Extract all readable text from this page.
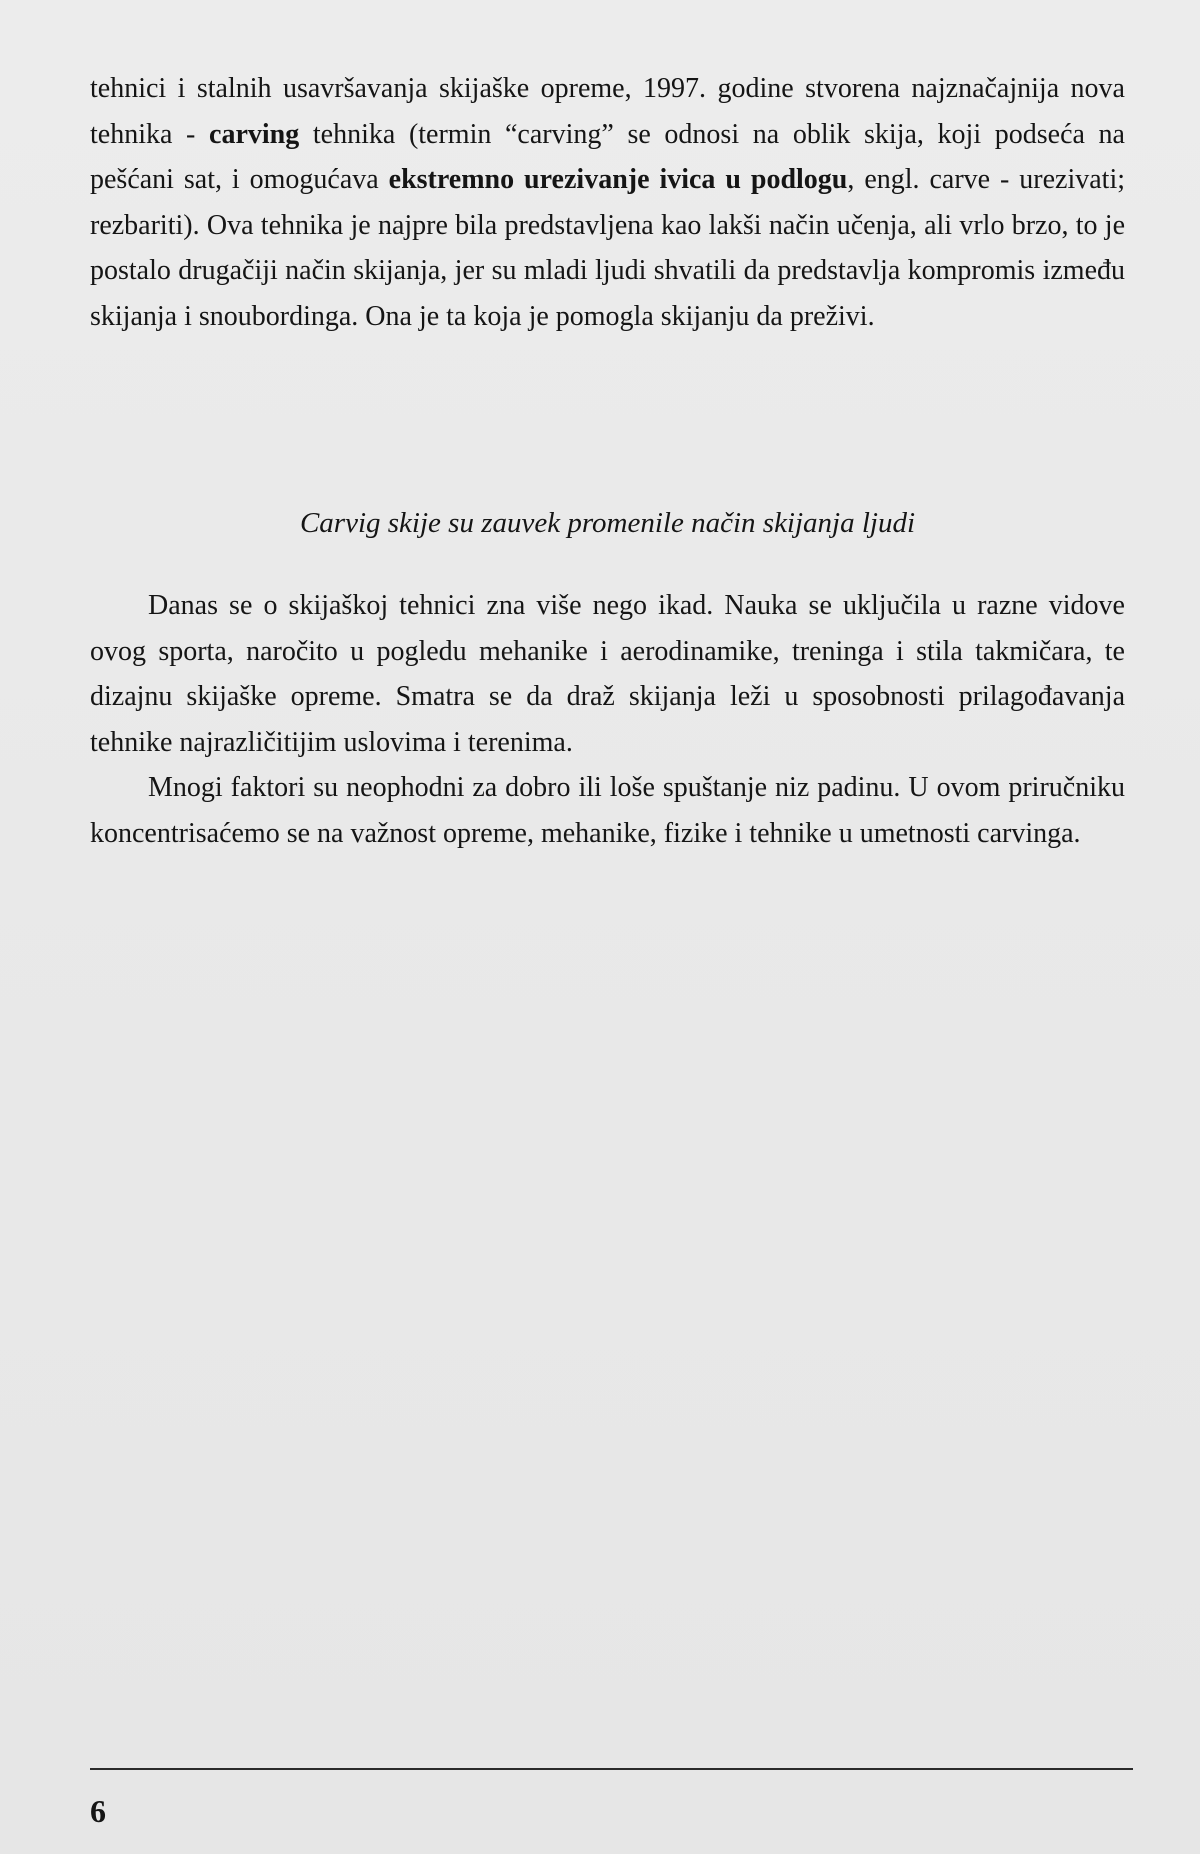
tehnici i stalnih usavršavanja skijaške opreme, 1997. godine stvorena najznačajnija nova tehnika - carving tehnika (termin “carving” se odnosi na oblik skija, koji podseća na pešćani sat, i omogućava ekstremno urezivanje ivica u podlogu, engl. carve - urezivati; rezbariti). Ova tehnika je najpre bila predstavljena kao lakši način učenja, ali vrlo brzo, to je postalo drugačiji način skijanja, jer su mladi ljudi shvatili da predstavlja kompromis između skijanja i snoubordinga. Ona je ta koja je pomogla skijanju da preživi.

Carvig skije su zauvek promenile način skijanja ljudi

Danas se o skijaškoj tehnici zna više nego ikad. Nauka se uključila u razne vidove ovog sporta, naročito u pogledu mehanike i aerodinamike, treninga i stila takmičara, te dizajnu skijaške opreme. Smatra se da draž skijanja leži u sposobnosti prilagođavanja tehnike najrazličitijim uslovima i terenima.

Mnogi faktori su neophodni za dobro ili loše spuštanje niz padinu. U ovom priručniku koncentrisaćemo se na važnost opreme, mehanike, fizike i tehnike u umetnosti carvinga.

6
